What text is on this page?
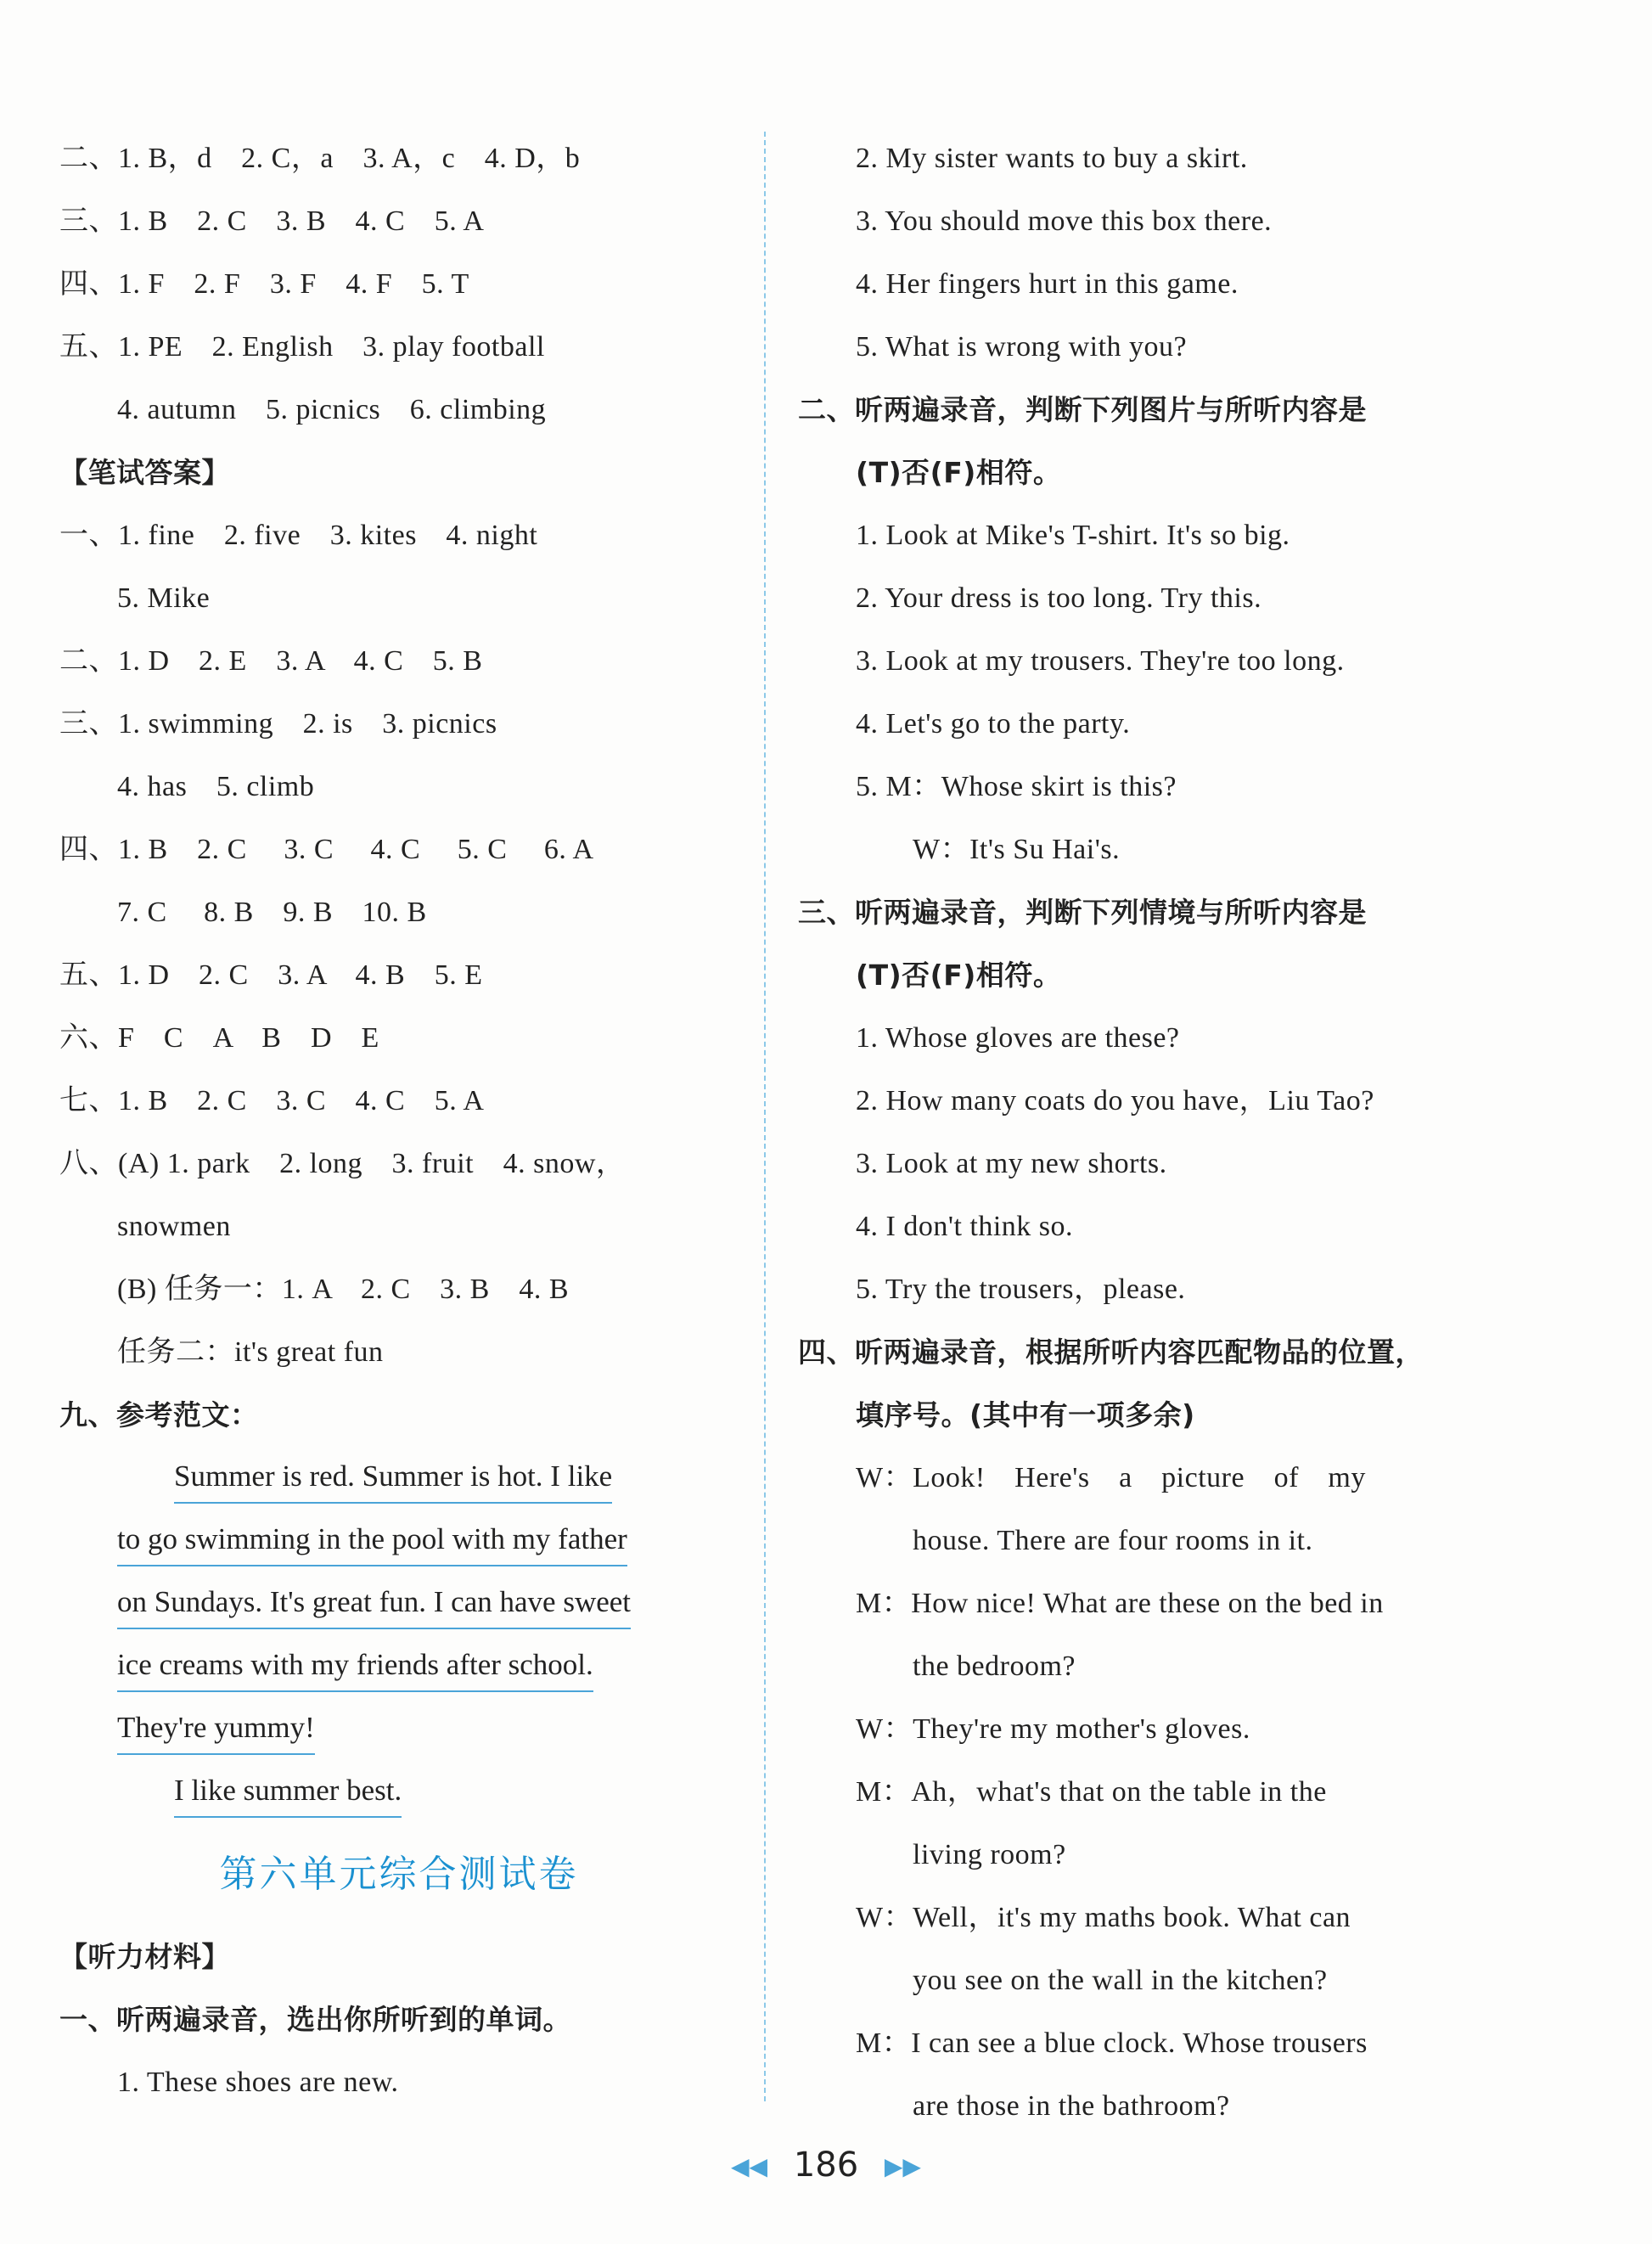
二、1. B，d　2. C，a　3. A，c　4. D，b
三、1. B　2. C　3. B　4. C　5. A
四、1. F　2. F　3. F　4. F　5. T
五、1. PE　2. English　3. play football
4. autumn　5. picnics　6. climbing
【笔试答案】
一、1. fine　2. five　3. kites　4. night
5. Mike
二、1. D　2. E　3. A　4. C　5. B
三、1. swimming　2. is　3. picnics
4. has　5. climb
四、1. B　2. C　 3. C　 4. C　 5. C　 6. A
7. C　 8. B　9. B　10. B
五、1. D　2. C　3. A　4. B　5. E
六、F　C　A　B　D　E
七、1. B　2. C　3. C　4. C　5. A
八、(A) 1. park　2. long　3. fruit　4. snow，
snowmen
(B) 任务一：1. A　2. C　3. B　4. B
任务二：it's great fun
九、参考范文：
Summer is red. Summer is hot. I like
to go swimming in the pool with my father
on Sundays. It's great fun. I can have sweet
ice creams with my friends after school.
They're yummy!
I like summer best.
第六单元综合测试卷
【听力材料】
一、听两遍录音，选出你所听到的单词。
1. These shoes are new.
2. My sister wants to buy a skirt.
3. You should move this box there.
4. Her fingers hurt in this game.
5. What is wrong with you?
二、听两遍录音，判断下列图片与所听内容是
(T)否(F)相符。
1. Look at Mike's T-shirt. It's so big.
2. Your dress is too long. Try this.
3. Look at my trousers. They're too long.
4. Let's go to the party.
5. M：Whose skirt is this?
W：It's Su Hai's.
三、听两遍录音，判断下列情境与所听内容是
(T)否(F)相符。
1. Whose gloves are these?
2. How many coats do you have，Liu Tao?
3. Look at my new shorts.
4. I don't think so.
5. Try the trousers，please.
四、听两遍录音，根据所听内容匹配物品的位置，
填序号。(其中有一项多余)
W：Look!　Here's　a　picture　of　my
house. There are four rooms in it.
M：How nice! What are these on the bed in
the bedroom?
W：They're my mother's gloves.
M：Ah，what's that on the table in the
living room?
W：Well，it's my maths book. What can
you see on the wall in the kitchen?
M：I can see a blue clock. Whose trousers
are those in the bathroom?
◀◀ 186 ▶▶
